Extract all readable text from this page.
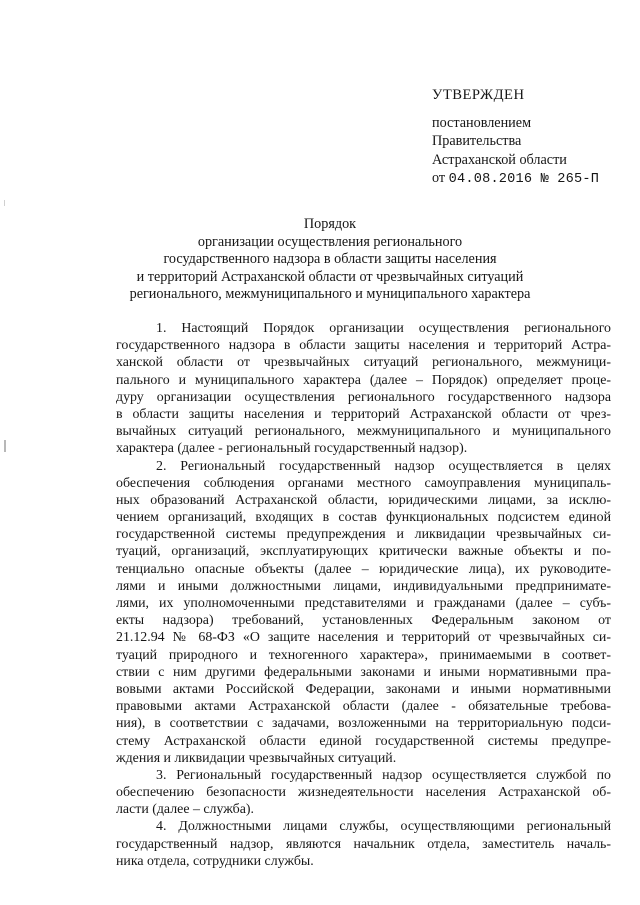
УТВЕРЖДЕН
постановлением
Правительства
Астраханской области
от 04.08.2016 № 265-П
Порядок
организации осуществления регионального
государственного надзора в области защиты населения
и территорий Астраханской области от чрезвычайных ситуаций
регионального, межмуниципального и муниципального характера
1. Настоящий Порядок организации осуществления регионального
государственного надзора в области защиты населения и территорий Астра-
ханской области от чрезвычайных ситуаций регионального, межмуници-
пального и муниципального характера (далее – Порядок) определяет проце-
дуру организации осуществления регионального государственного надзора
в области защиты населения и территорий Астраханской области от чрез-
вычайных ситуаций регионального, межмуниципального и муниципального
характера (далее - региональный государственный надзор).
2. Региональный государственный надзор осуществляется в целях
обеспечения соблюдения органами местного самоуправления муниципаль-
ных образований Астраханской области, юридическими лицами, за исклю-
чением организаций, входящих в состав функциональных подсистем единой
государственной системы предупреждения и ликвидации чрезвычайных си-
туаций, организаций, эксплуатирующих критически важные объекты и по-
тенциально опасные объекты (далее – юридические лица), их руководите-
лями и иными должностными лицами, индивидуальными предпринимате-
лями, их уполномоченными представителями и гражданами (далее – субъ-
екты надзора) требований, установленных Федеральным законом от
21.12.94 № 68-ФЗ «О защите населения и территорий от чрезвычайных си-
туаций природного и техногенного характера», принимаемыми в соответ-
ствии с ним другими федеральными законами и иными нормативными пра-
вовыми актами Российской Федерации, законами и иными нормативными
правовыми актами Астраханской области (далее - обязательные требова-
ния), в соответствии с задачами, возложенными на территориальную подси-
стему Астраханской области единой государственной системы предупре-
ждения и ликвидации чрезвычайных ситуаций.
3. Региональный государственный надзор осуществляется службой по
обеспечению безопасности жизнедеятельности населения Астраханской об-
ласти (далее – служба).
4. Должностными лицами службы, осуществляющими региональный
государственный надзор, являются начальник отдела, заместитель началь-
ника отдела, сотрудники службы.
